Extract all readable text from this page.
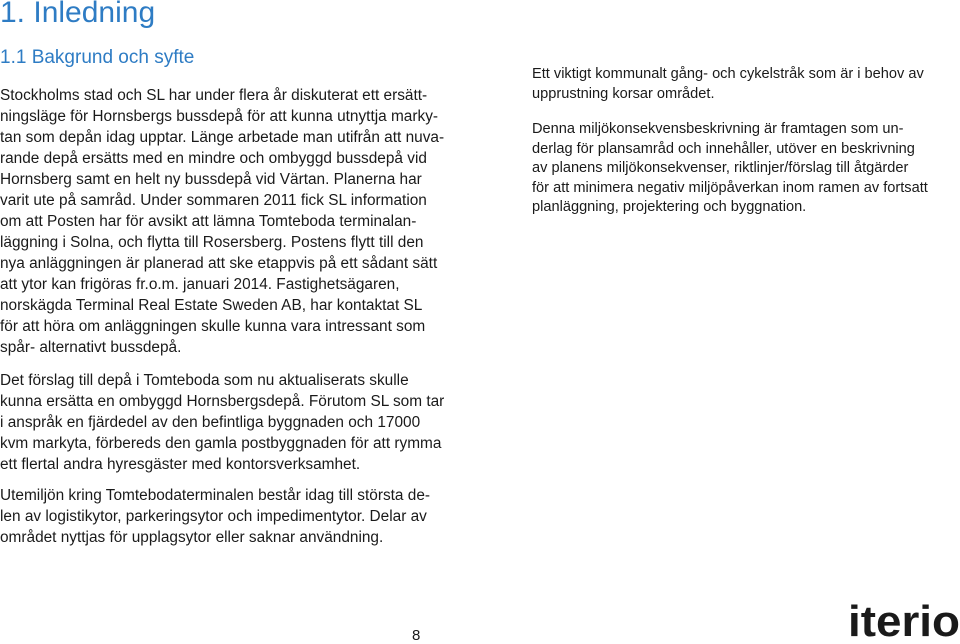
1. Inledning
1.1 Bakgrund och syfte
Stockholms stad och SL har under flera år diskuterat ett ersätt-
ningsläge för Hornsbergs bussdepå för att kunna utnyttja marky-
tan som depån idag upptar. Länge arbetade man utifrån att nuva-
rande depå ersätts med en mindre och ombyggd bussdepå vid
Hornsberg samt en helt ny bussdepå vid Värtan. Planerna har
varit ute på samråd. Under sommaren 2011 fick SL information
om att Posten har för avsikt att lämna Tomteboda terminalan-
läggning i Solna, och flytta till Rosersberg. Postens flytt till den
nya anläggningen är planerad att ske etappvis på ett sådant sätt
att ytor kan frigöras fr.o.m. januari 2014. Fastighetsägaren,
norskägda Terminal Real Estate Sweden AB, har kontaktat SL
för att höra om anläggningen skulle kunna vara intressant som
spår- alternativt bussdepå.
Det förslag till depå i Tomteboda som nu aktualiserats skulle
kunna ersätta en ombyggd Hornsbergsdepå. Förutom SL som tar
i anspråk en fjärdedel av den befintliga byggnaden och 17000
kvm markyta, förbereds den gamla postbyggnaden för att rymma
ett flertal andra hyresgäster med kontorsverksamhet.
Utemiljön kring Tomtebodaterminalen består idag till största de-
len av logistikytor, parkeringsytor och impedimentytor. Delar av
området nyttjas för upplagsytor eller saknar användning.
Ett viktigt kommunalt gång- och cykelstråk som är i behov av
upprustning korsar området.
Denna miljökonsekvensbeskrivning är framtagen som un-
derlag för plansamråd och innehåller, utöver en beskrivning
av planens miljökonsekvenser, riktlinjer/förslag till åtgärder
för att minimera negativ miljöpåverkan inom ramen av fortsatt
planläggning, projektering och byggnation.
8	iterio
